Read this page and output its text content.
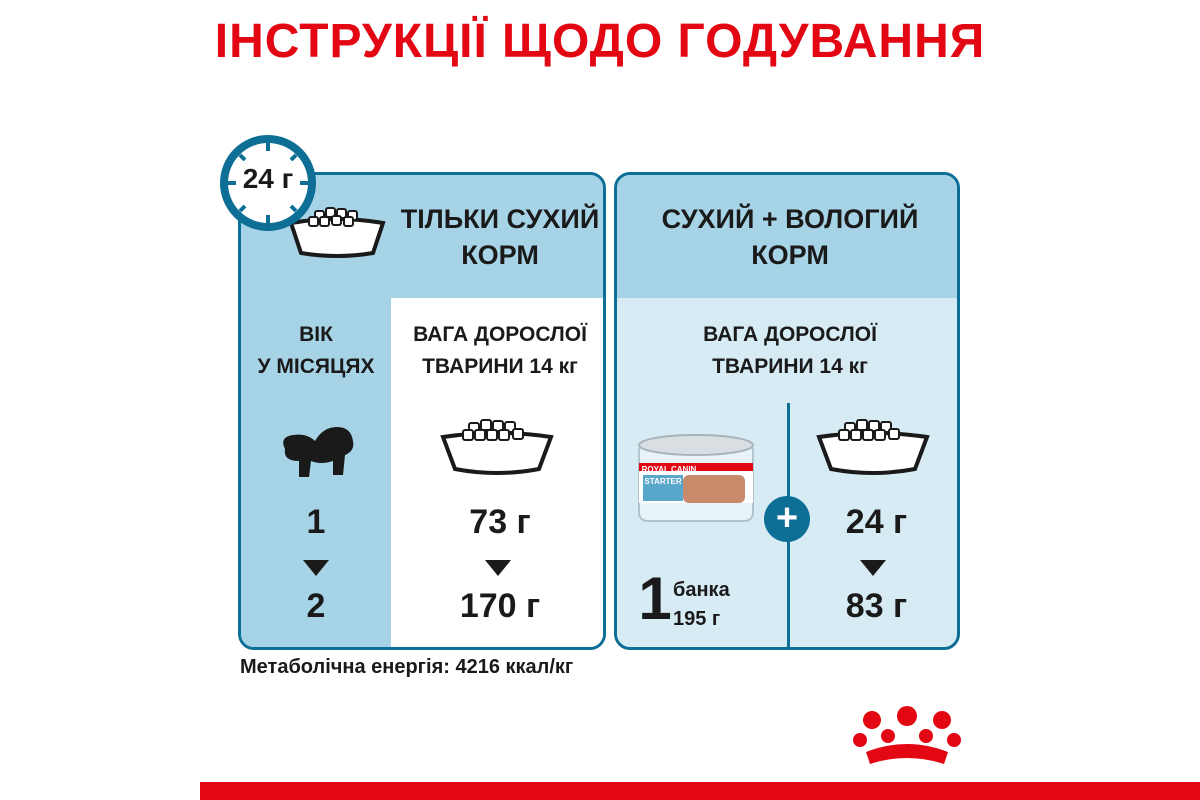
ІНСТРУКЦІЇ ЩОДО ГОДУВАННЯ
ТІЛЬКИ СУХИЙ
КОРМ
ВІК
У МІСЯЦЯХ
ВАГА ДОРОСЛОЇ
ТВАРИНИ 14 кг
1
2
73 г
170 г
24 г
СУХИЙ + ВОЛОГИЙ
КОРМ
ВАГА ДОРОСЛОЇ
ТВАРИНИ 14 кг
ROYAL CANIN
STARTER
1 банка
195 г
24 г
83 г
+
Метаболічна енергія: 4216 ккал/кг
